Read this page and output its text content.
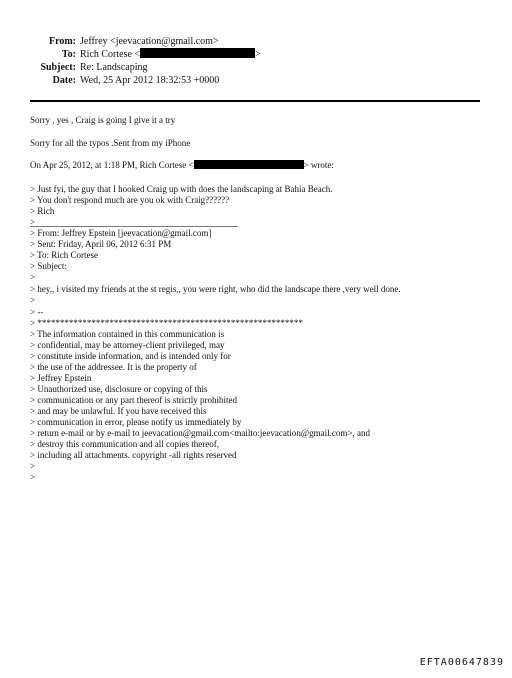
From: Jeffrey <jeevacation@gmail.com>
To: Rich Cortese <	>
Subject: Re: Landscaping
Date: Wed, 25 Apr 2012 18:32:53 +0000
Sorry , yes , Craig is going I give it a try
Sorry for all the typos .Sent from my iPhone
On Apr 25, 2012, at 1:18 PM, Rich Cortese <	> wrote:
> Just fyi, the guy that I hooked Craig up with does the landscaping at Bahia Beach.
> You don't respond much are you ok with Craig??????
> Rich
>
> From: Jeffrey Epstein [jeevacation@gmail.com]
> Sent: Friday, April 06, 2012 6:31 PM
> To: Rich Cortese
> Subject:
>
> hey,, i visited my friends at the st regis,, you were right, who did the landscape there ,very well done.
>
> --
> ***********************************************************
> The information contained in this communication is
> confidential, may be attorney-client privileged, may
> constitute inside information, and is intended only for
> the use of the addressee. It is the property of
> Jeffrey Epstein
> Unauthorized use, disclosure or copying of this
> communication or any part thereof is strictly prohibited
> and may be unlawful. If you have received this
> communication in error, please notify us immediately by
> return e-mail or by e-mail to jeevacation@gmail.com<mailto:jeevacation@gmail.com>, and
> destroy this communication and all copies thereof,
> including all attachments. copyright -all rights reserved
>
>
EFTA00647839
